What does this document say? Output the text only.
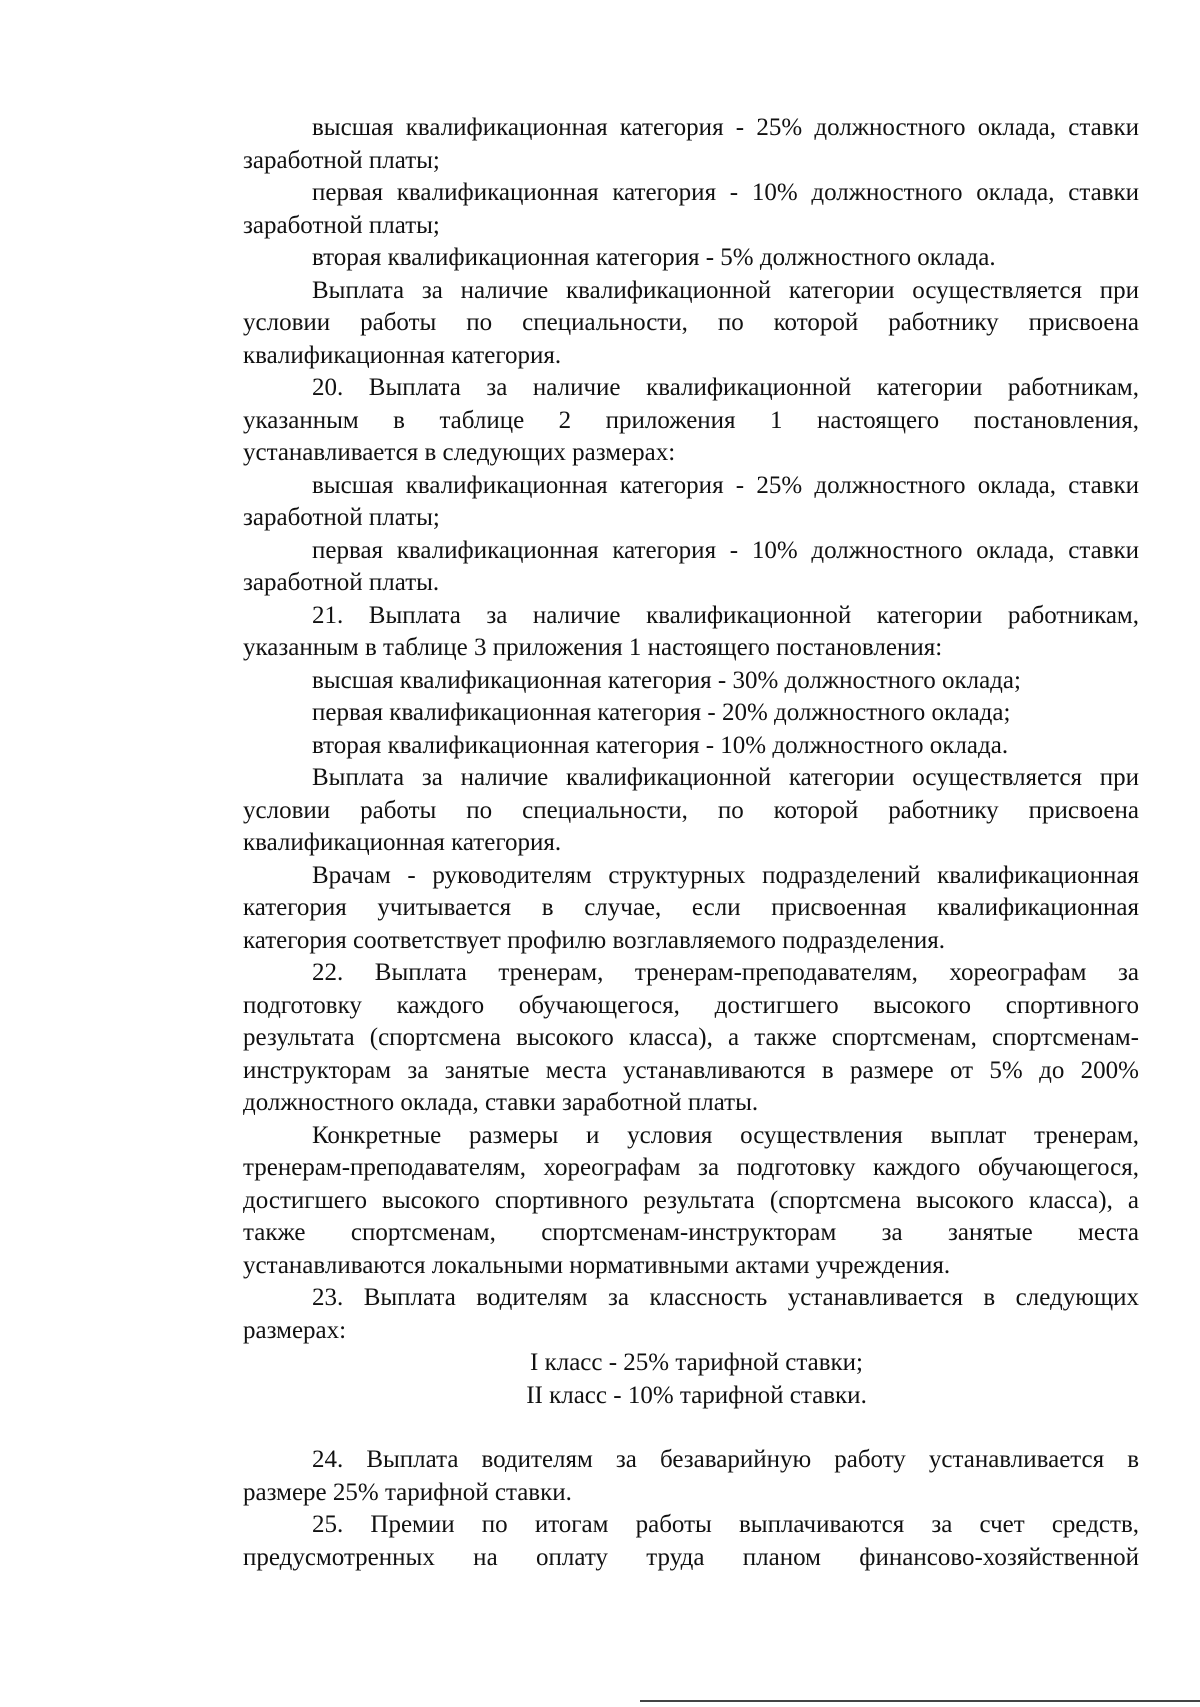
высшая квалификационная категория - 25% должностного оклада, ставки
заработной платы;

первая квалификационная категория - 10% должностного оклада, ставки
заработной платы;

вторая квалификационная категория - 5% должностного оклада.

Выплата за наличие квалификационной категории осуществляется при
условии работы по специальности, по которой работнику присвоена
квалификационная категория.

20. Выплата за наличие квалификационной категории работникам,
указанным в таблице 2 приложения 1 настоящего постановления,
устанавливается в следующих размерах:

высшая квалификационная категория - 25% должностного оклада, ставки
заработной платы;

первая квалификационная категория - 10% должностного оклада, ставки
заработной платы.

21. Выплата за наличие квалификационной категории работникам,
указанным в таблице 3 приложения 1 настоящего постановления:

высшая квалификационная категория - 30% должностного оклада;

первая квалификационная категория - 20% должностного оклада;

вторая квалификационная категория - 10% должностного оклада.

Выплата за наличие квалификационной категории осуществляется при
условии работы по специальности, по которой работнику присвоена
квалификационная категория.

Врачам - руководителям структурных подразделений квалификационная
категория учитывается в случае, если присвоенная квалификационная
категория соответствует профилю возглавляемого подразделения.

22. Выплата тренерам, тренерам-преподавателям, хореографам за
подготовку каждого обучающегося, достигшего высокого спортивного
результата (спортсмена высокого класса), а также спортсменам, спортсменам-
инструкторам за занятые места устанавливаются в размере от 5% до 200%
должностного оклада, ставки заработной платы.

Конкретные размеры и условия осуществления выплат тренерам,
тренерам-преподавателям, хореографам за подготовку каждого обучающегося,
достигшего высокого спортивного результата (спортсмена высокого класса), а
также спортсменам, спортсменам-инструкторам за занятые места
устанавливаются локальными нормативными актами учреждения.

23. Выплата водителям за классность устанавливается в следующих
размерах:

I класс - 25% тарифной ставки;
II класс - 10% тарифной ставки.

24. Выплата водителям за безаварийную работу устанавливается в
размере 25% тарифной ставки.

25. Премии по итогам работы выплачиваются за счет средств,
предусмотренных на оплату труда планом финансово-хозяйственной
